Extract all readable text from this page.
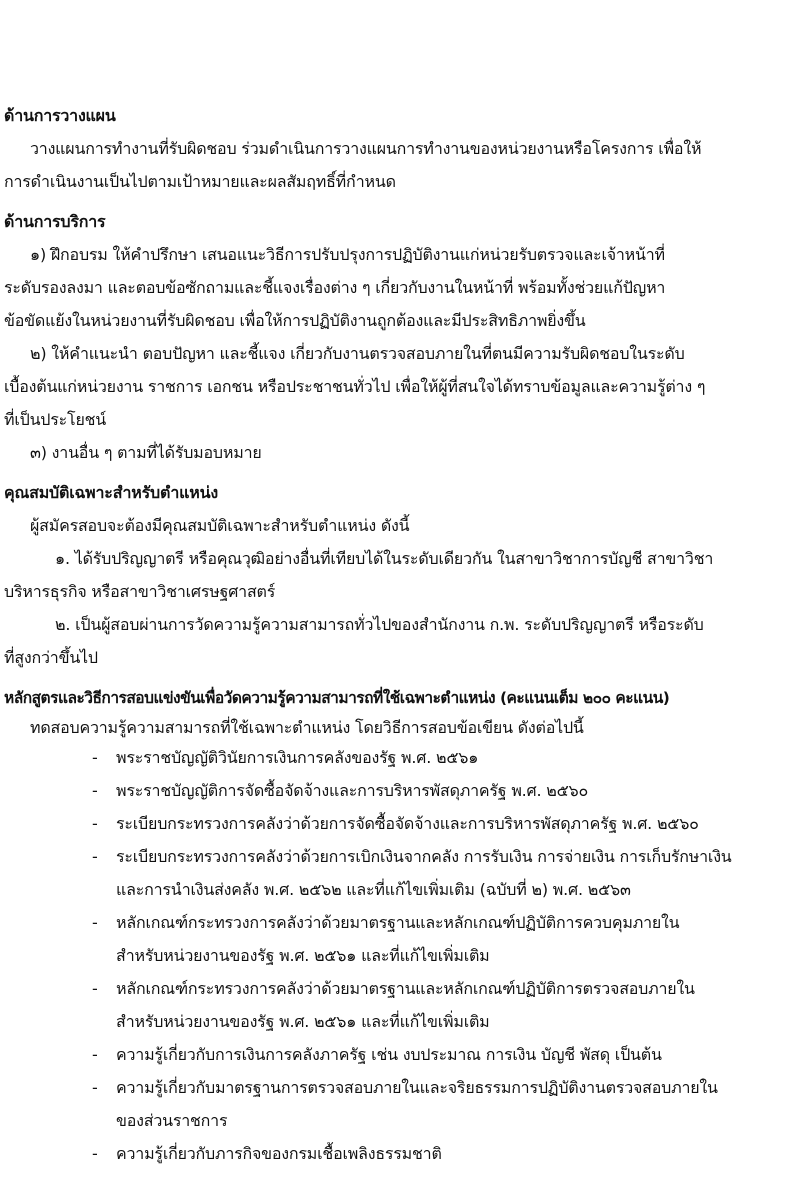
ด้านการวางแผน
วางแผนการทำงานที่รับผิดชอบ ร่วมดำเนินการวางแผนการทำงานของหน่วยงานหรือโครงการ เพื่อให้
การดำเนินงานเป็นไปตามเป้าหมายและผลสัมฤทธิ์ที่กำหนด
ด้านการบริการ
๑) ฝึกอบรม ให้คำปรึกษา เสนอแนะวิธีการปรับปรุงการปฏิบัติงานแก่หน่วยรับตรวจและเจ้าหน้าที่
ระดับรองลงมา และตอบข้อซักถามและชี้แจงเรื่องต่าง ๆ เกี่ยวกับงานในหน้าที่ พร้อมทั้งช่วยแก้ปัญหา
ข้อขัดแย้งในหน่วยงานที่รับผิดชอบ เพื่อให้การปฏิบัติงานถูกต้องและมีประสิทธิภาพยิ่งขึ้น
๒) ให้คำแนะนำ ตอบปัญหา และชี้แจง เกี่ยวกับงานตรวจสอบภายในที่ตนมีความรับผิดชอบในระดับ
เบื้องต้นแก่หน่วยงาน ราชการ เอกชน หรือประชาชนทั่วไป เพื่อให้ผู้ที่สนใจได้ทราบข้อมูลและความรู้ต่าง ๆ
ที่เป็นประโยชน์
๓) งานอื่น ๆ ตามที่ได้รับมอบหมาย
คุณสมบัติเฉพาะสำหรับตำแหน่ง
ผู้สมัครสอบจะต้องมีคุณสมบัติเฉพาะสำหรับตำแหน่ง ดังนี้
๑. ได้รับปริญญาตรี หรือคุณวุฒิอย่างอื่นที่เทียบได้ในระดับเดียวกัน ในสาขาวิชาการบัญชี สาขาวิชา
บริหารธุรกิจ หรือสาขาวิชาเศรษฐศาสตร์
๒. เป็นผู้สอบผ่านการวัดความรู้ความสามารถทั่วไปของสำนักงาน ก.พ. ระดับปริญญาตรี หรือระดับ
ที่สูงกว่าขึ้นไป
หลักสูตรและวิธีการสอบแข่งขันเพื่อวัดความรู้ความสามารถที่ใช้เฉพาะตำแหน่ง (คะแนนเต็ม ๒๐๐ คะแนน)
ทดสอบความรู้ความสามารถที่ใช้เฉพาะตำแหน่ง โดยวิธีการสอบข้อเขียน ดังต่อไปนี้
- พระราชบัญญัติวินัยการเงินการคลังของรัฐ พ.ศ. ๒๕๖๑
- พระราชบัญญัติการจัดซื้อจัดจ้างและการบริหารพัสดุภาครัฐ พ.ศ. ๒๕๖๐
- ระเบียบกระทรวงการคลังว่าด้วยการจัดซื้อจัดจ้างและการบริหารพัสดุภาครัฐ พ.ศ. ๒๕๖๐
- ระเบียบกระทรวงการคลังว่าด้วยการเบิกเงินจากคลัง การรับเงิน การจ่ายเงิน การเก็บรักษาเงิน
และการนำเงินส่งคลัง พ.ศ. ๒๕๖๒ และที่แก้ไขเพิ่มเติม (ฉบับที่ ๒) พ.ศ. ๒๕๖๓
- หลักเกณฑ์กระทรวงการคลังว่าด้วยมาตรฐานและหลักเกณฑ์ปฏิบัติการควบคุมภายใน
สำหรับหน่วยงานของรัฐ พ.ศ. ๒๕๖๑ และที่แก้ไขเพิ่มเติม
- หลักเกณฑ์กระทรวงการคลังว่าด้วยมาตรฐานและหลักเกณฑ์ปฏิบัติการตรวจสอบภายใน
สำหรับหน่วยงานของรัฐ พ.ศ. ๒๕๖๑ และที่แก้ไขเพิ่มเติม
- ความรู้เกี่ยวกับการเงินการคลังภาครัฐ เช่น งบประมาณ การเงิน บัญชี พัสดุ เป็นต้น
- ความรู้เกี่ยวกับมาตรฐานการตรวจสอบภายในและจริยธรรมการปฏิบัติงานตรวจสอบภายใน
ของส่วนราชการ
- ความรู้เกี่ยวกับภารกิจของกรมเชื้อเพลิงธรรมชาติ
